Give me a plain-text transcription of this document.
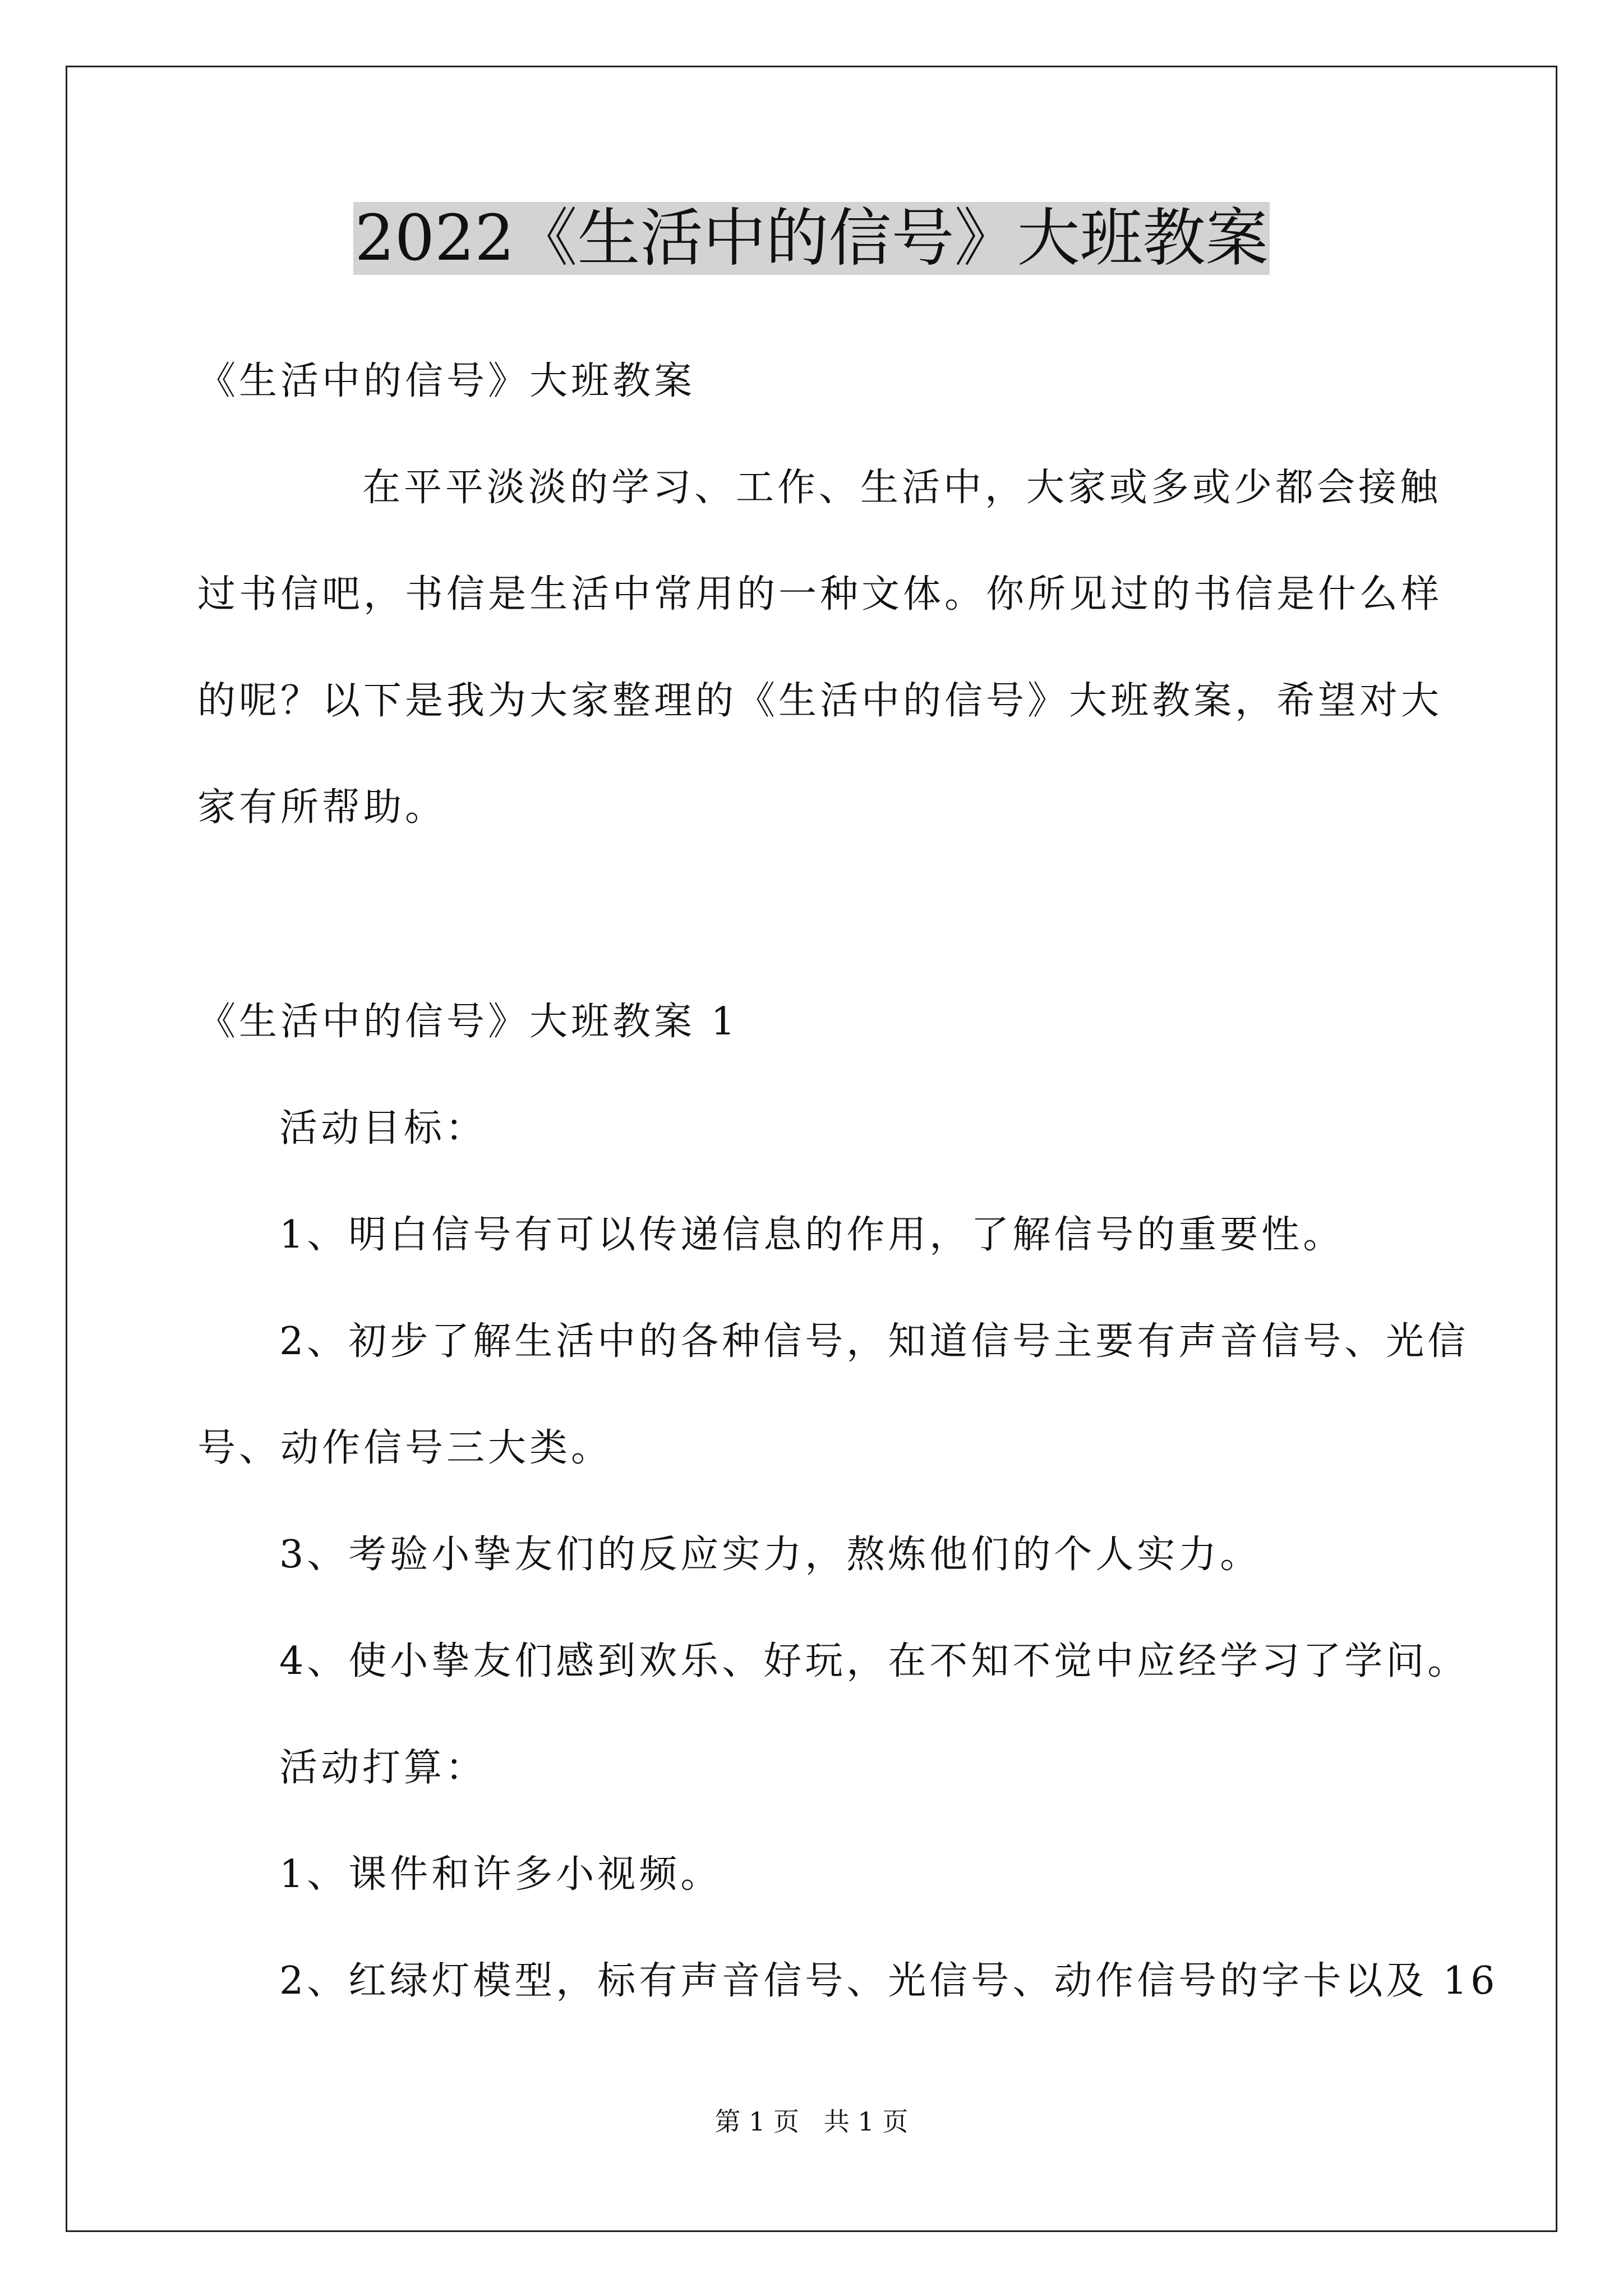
2022《生活中的信号》大班教案
《生活中的信号》大班教案
在平平淡淡的学习、工作、生活中，大家或多或少都会接触
过书信吧，书信是生活中常用的一种文体。你所见过的书信是什么样
的呢？以下是我为大家整理的《生活中的信号》大班教案，希望对大
家有所帮助。
《生活中的信号》大班教案 1
活动目标：
1、明白信号有可以传递信息的作用，了解信号的重要性。
2、初步了解生活中的各种信号，知道信号主要有声音信号、光信
号、动作信号三大类。
3、考验小挚友们的反应实力，熬炼他们的个人实力。
4、使小挚友们感到欢乐、好玩，在不知不觉中应经学习了学问。
活动打算：
1、课件和许多小视频。
2、红绿灯模型，标有声音信号、光信号、动作信号的字卡以及 16
第 1 页   共 1 页
